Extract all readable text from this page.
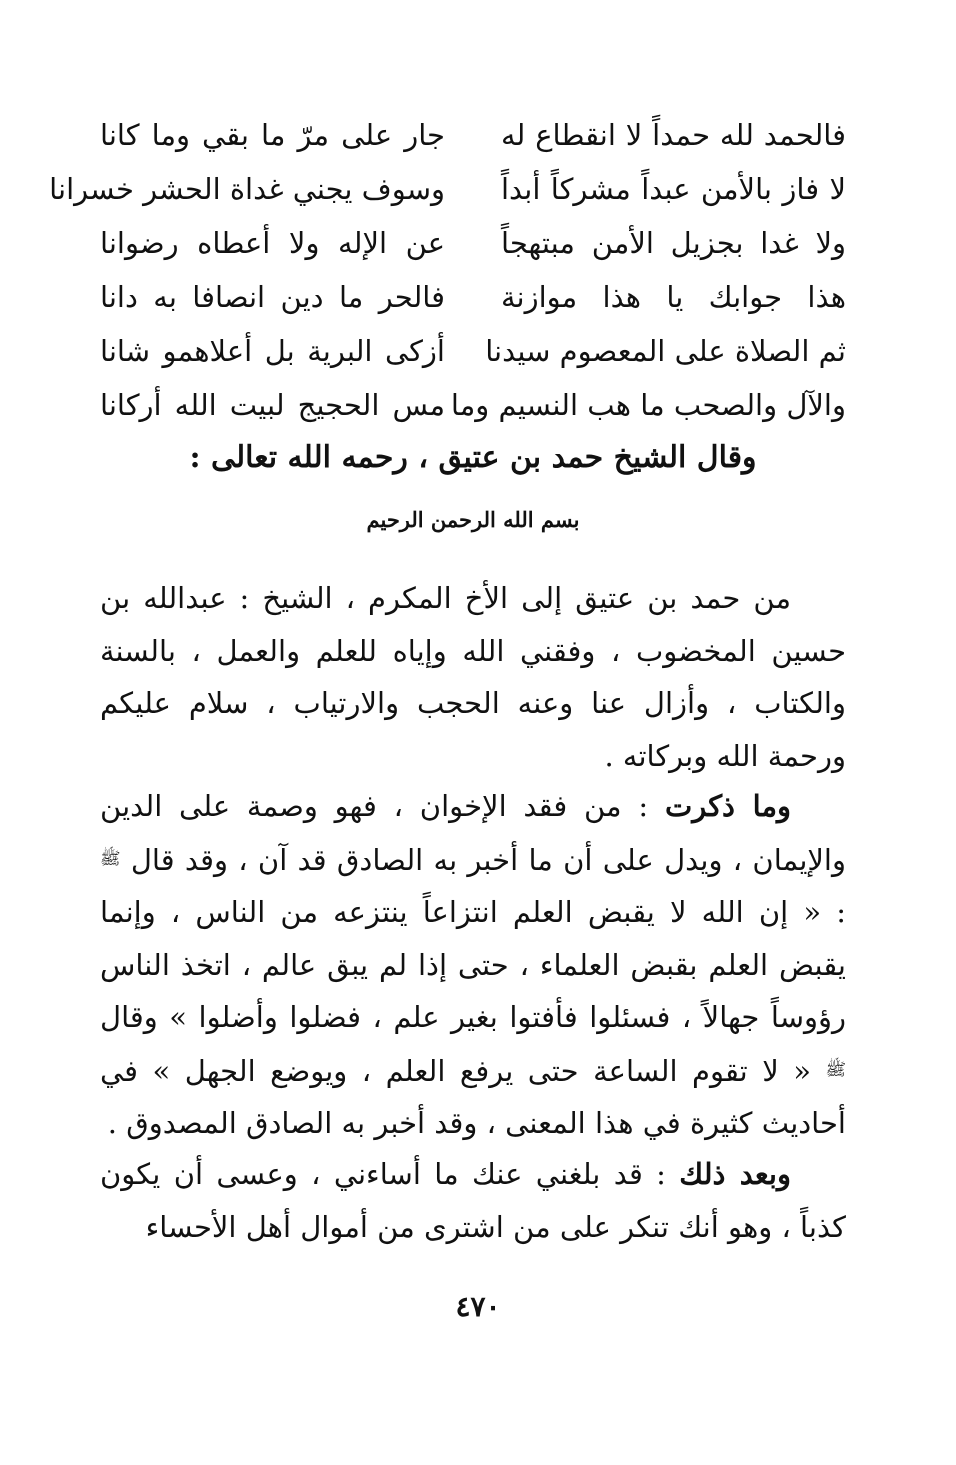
فالحمد لله حمداً لا انقطاع له
جار على مرّ ما بقي وما كانا
لا فاز بالأمن عبداً مشركاً أبداً
وسوف يجني غداة الحشر خسرانا
ولا غدا بجزيل الأمن مبتهجاً
عن الإله ولا أعطاه رضوانا
هذا جوابك يا هذا موازنة
فالحر ما دين انصافا به دانا
ثم الصلاة على المعصوم سيدنا
أزكى البرية بل أعلاهمو شانا
والآل والصحب ما هب النسيم وما
مس الحجيج لبيت الله أركانا
وقال الشيخ حمد بن عتيق ، رحمه الله تعالى :
بسم الله الرحمن الرحيم

من حمد بن عتيق إلى الأخ المكرم ، الشيخ : عبدالله بن حسين المخضوب ، وفقني الله وإياه للعلم والعمل ، بالسنة والكتاب ، وأزال عنا وعنه الحجب والارتياب ، سلام عليكم ورحمة الله وبركاته .

وما ذكرت : من فقد الإخوان ، فهو وصمة على الدين والإيمان ، ويدل على أن ما أخبر به الصادق قد آن ، وقد قال $^ﷺ$ : « إن الله لا يقبض العلم انتزاعاً ينتزعه من الناس ، وإنما يقبض العلم بقبض العلماء ، حتى إذا لم يبق عالم ، اتخذ الناس رؤوساً جهالاً ، فسئلوا فأفتوا بغير علم ، فضلوا وأضلوا » وقال $^ﷺ$ « لا تقوم الساعة حتى يرفع العلم ، ويوضع الجهل » في أحاديث كثيرة في هذا المعنى ، وقد أخبر به الصادق المصدوق .

وبعد ذلك : قد بلغني عنك ما أساءني ، وعسى أن يكون كذباً ، وهو أنك تنكر على من اشترى من أموال أهل الأحساء

٤٧٠
